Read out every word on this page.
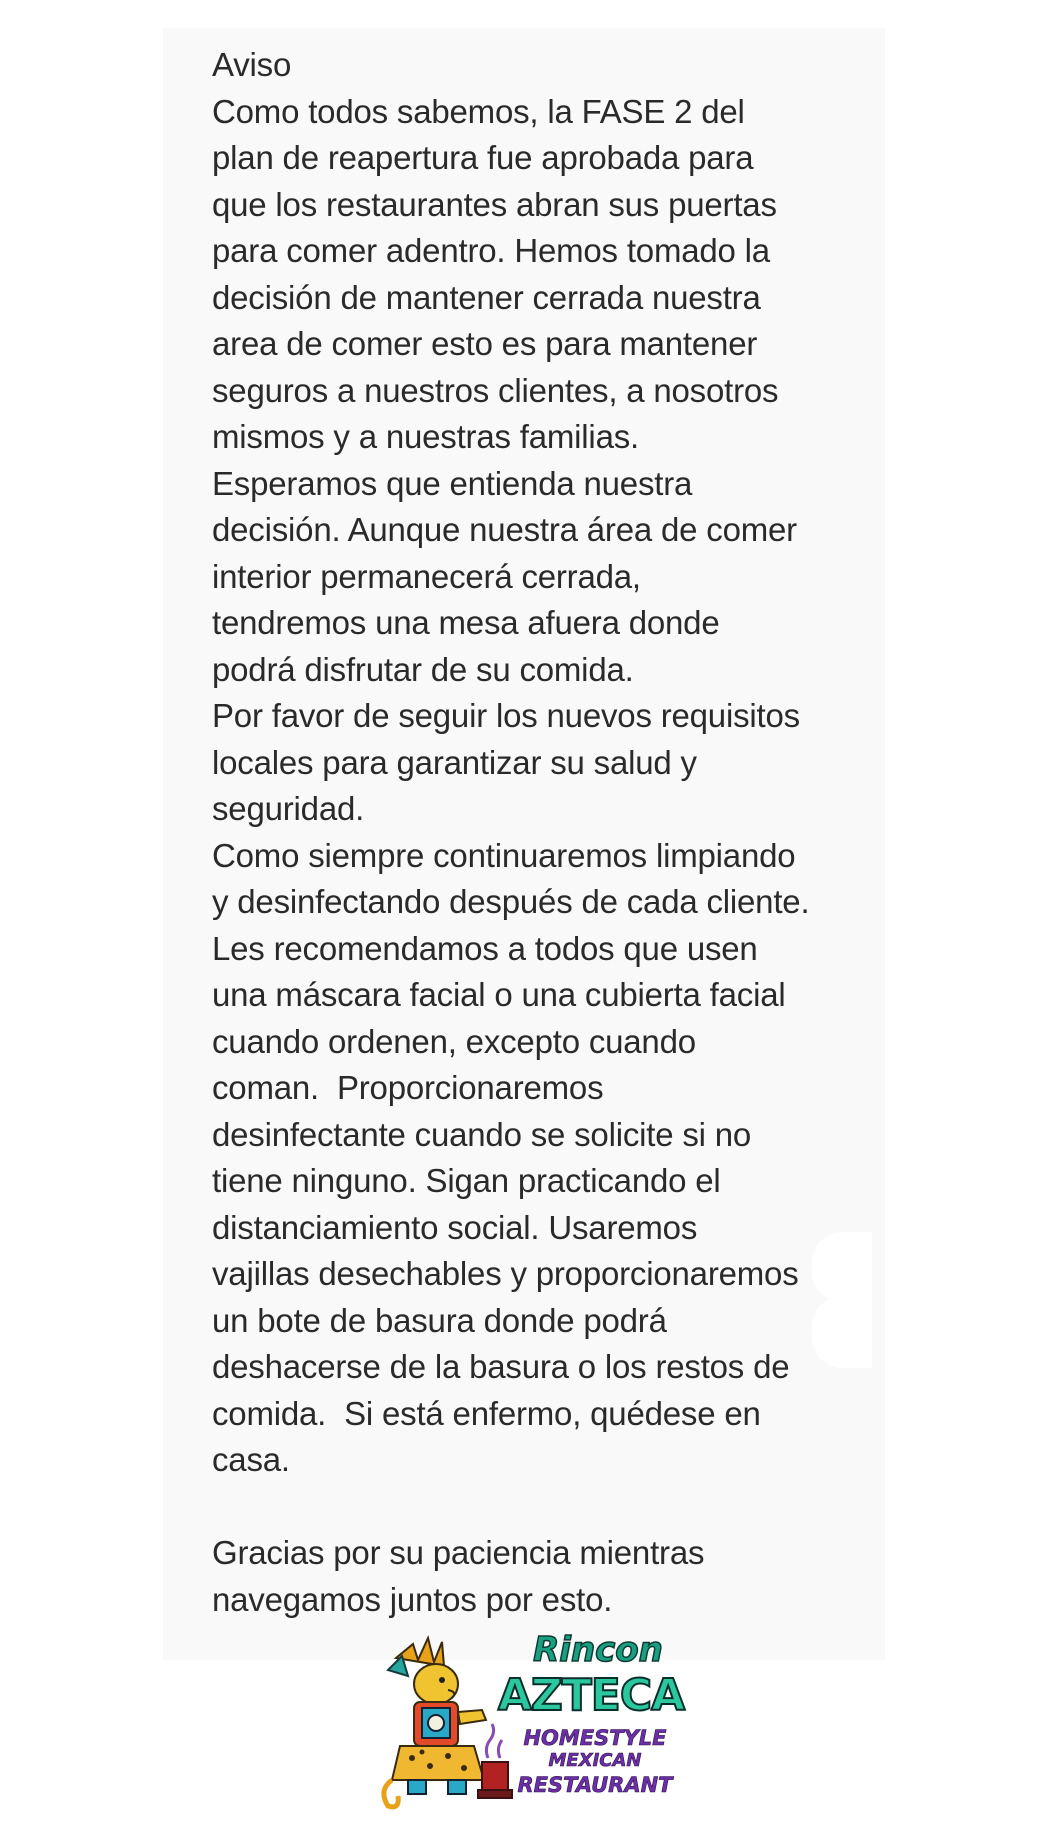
Aviso
Como todos sabemos, la FASE 2 del
plan de reapertura fue aprobada para
que los restaurantes abran sus puertas
para comer adentro. Hemos tomado la
decisión de mantener cerrada nuestra
area de comer esto es para mantener
seguros a nuestros clientes, a nosotros
mismos y a nuestras familias.
Esperamos que entienda nuestra
decisión. Aunque nuestra área de comer
interior permanecerá cerrada,
tendremos una mesa afuera donde
podrá disfrutar de su comida.
Por favor de seguir los nuevos requisitos
locales para garantizar su salud y
seguridad.
Como siempre continuaremos limpiando
y desinfectando después de cada cliente.
Les recomendamos a todos que usen
una máscara facial o una cubierta facial
cuando ordenen, excepto cuando
coman.  Proporcionaremos
desinfectante cuando se solicite si no
tiene ninguno. Sigan practicando el
distanciamiento social. Usaremos
vajillas desechables y proporcionaremos
un bote de basura donde podrá
deshacerse de la basura o los restos de
comida.  Si está enfermo, quédese en
casa.

Gracias por su paciencia mientras
navegamos juntos por esto.

Rincon
AZTECA
HOMESTYLE
MEXICAN
RESTAURANT
